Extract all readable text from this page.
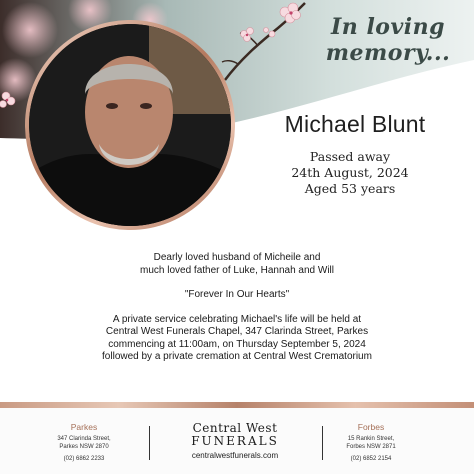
In loving
memory...
Michael Blunt
Passed away
24th August, 2024
Aged 53 years

Dearly loved husband of Micheile and
much loved father of Luke, Hannah and Will

"Forever In Our Hearts"

A private service celebrating Michael's life will be held at
Central West Funerals Chapel, 347 Clarinda Street, Parkes
commencing at 11:00am, on Thursday September 5, 2024
followed by a private cremation at Central West Crematorium

Parkes
347 Clarinda Street,
Parkes NSW 2870
(02) 6862 2233
Central West
FUNERALS
centralwestfunerals.com
Forbes
15 Rankin Street,
Forbes NSW 2871
(02) 6852 2154
